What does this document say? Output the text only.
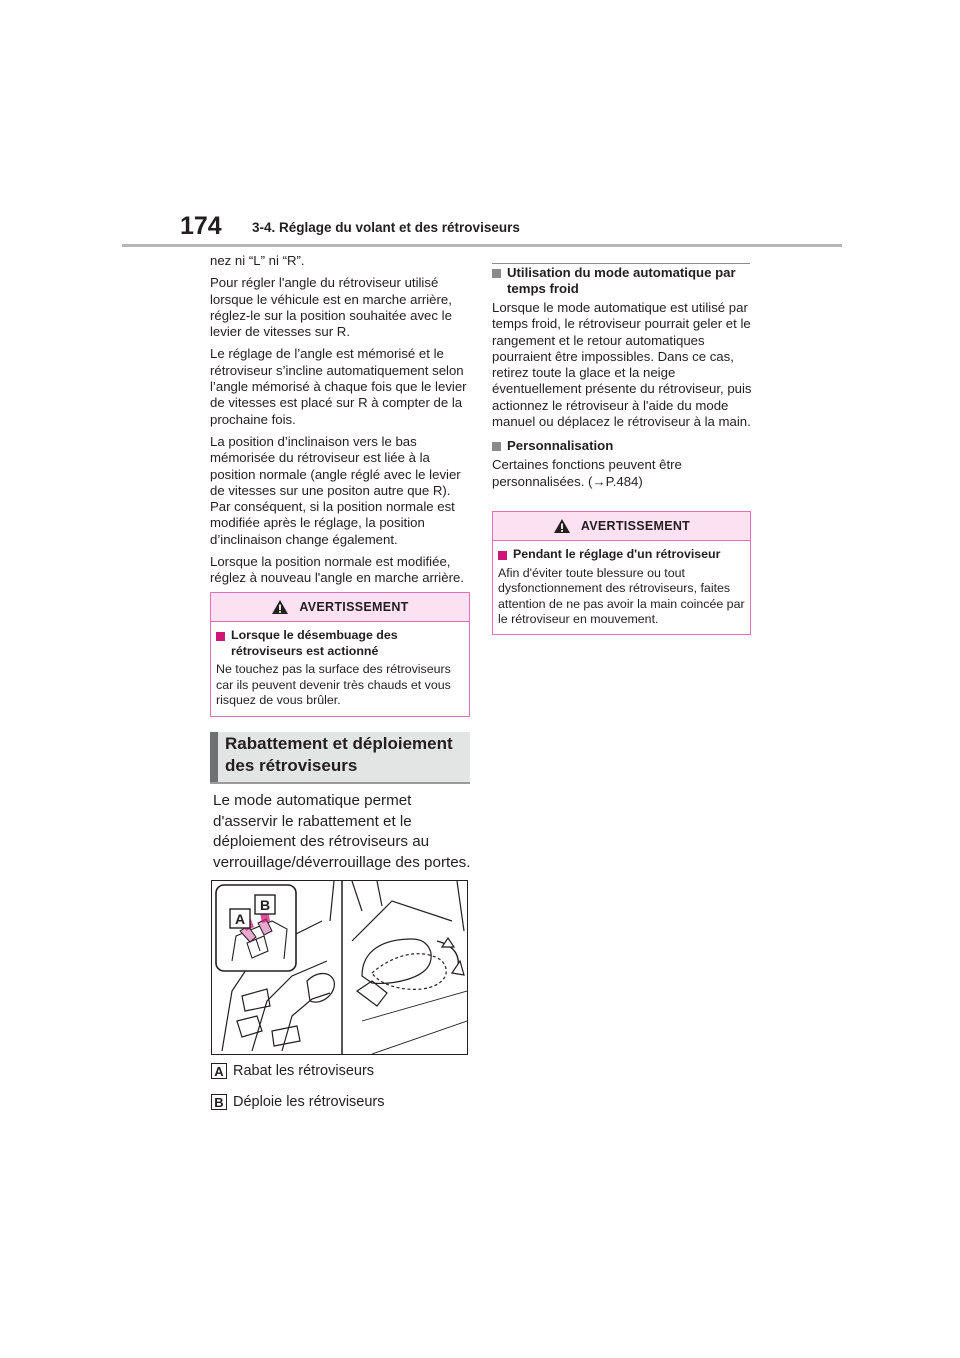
174 3-4. Réglage du volant et des rétroviseurs

nez ni “L” ni “R”.

Pour régler l'angle du rétroviseur utilisé lorsque le véhicule est en marche arrière, réglez-le sur la position souhaitée avec le levier de vitesses sur R.

Le réglage de l’angle est mémorisé et le rétroviseur s’incline automatiquement selon l’angle mémorisé à chaque fois que le levier de vitesses est placé sur R à compter de la prochaine fois.

La position d’inclinaison vers le bas mémorisée du rétroviseur est liée à la position normale (angle réglé avec le levier de vitesses sur une positon autre que R). Par conséquent, si la position normale est modifiée après le réglage, la position d’inclinaison change également.

Lorsque la position normale est modifiée, réglez à nouveau l'angle en marche arrière.

AVERTISSEMENT
Lorsque le désembuage des rétroviseurs est actionné

Ne touchez pas la surface des rétroviseurs car ils peuvent devenir très chauds et vous risquez de vous brûler.

Rabattement et déploiement des rétroviseurs
Le mode automatique permet d'asservir le rabattement et le déploiement des rétroviseurs au verrouillage/déverrouillage des portes.
A
B
A Rabat les rétroviseurs
B Déploie les rétroviseurs
Utilisation du mode automatique par temps froid

Lorsque le mode automatique est utilisé par temps froid, le rétroviseur pourrait geler et le rangement et le retour automatiques pourraient être impossibles. Dans ce cas, retirez toute la glace et la neige éventuellement présente du rétroviseur, puis actionnez le rétroviseur à l'aide du mode manuel ou déplacez le rétroviseur à la main.

Personnalisation

Certaines fonctions peuvent être personnalisées. (→P.484)

AVERTISSEMENT
Pendant le réglage d'un rétroviseur

Afin d'éviter toute blessure ou tout dysfonctionnement des rétroviseurs, faites attention de ne pas avoir la main coincée par le rétroviseur en mouvement.
